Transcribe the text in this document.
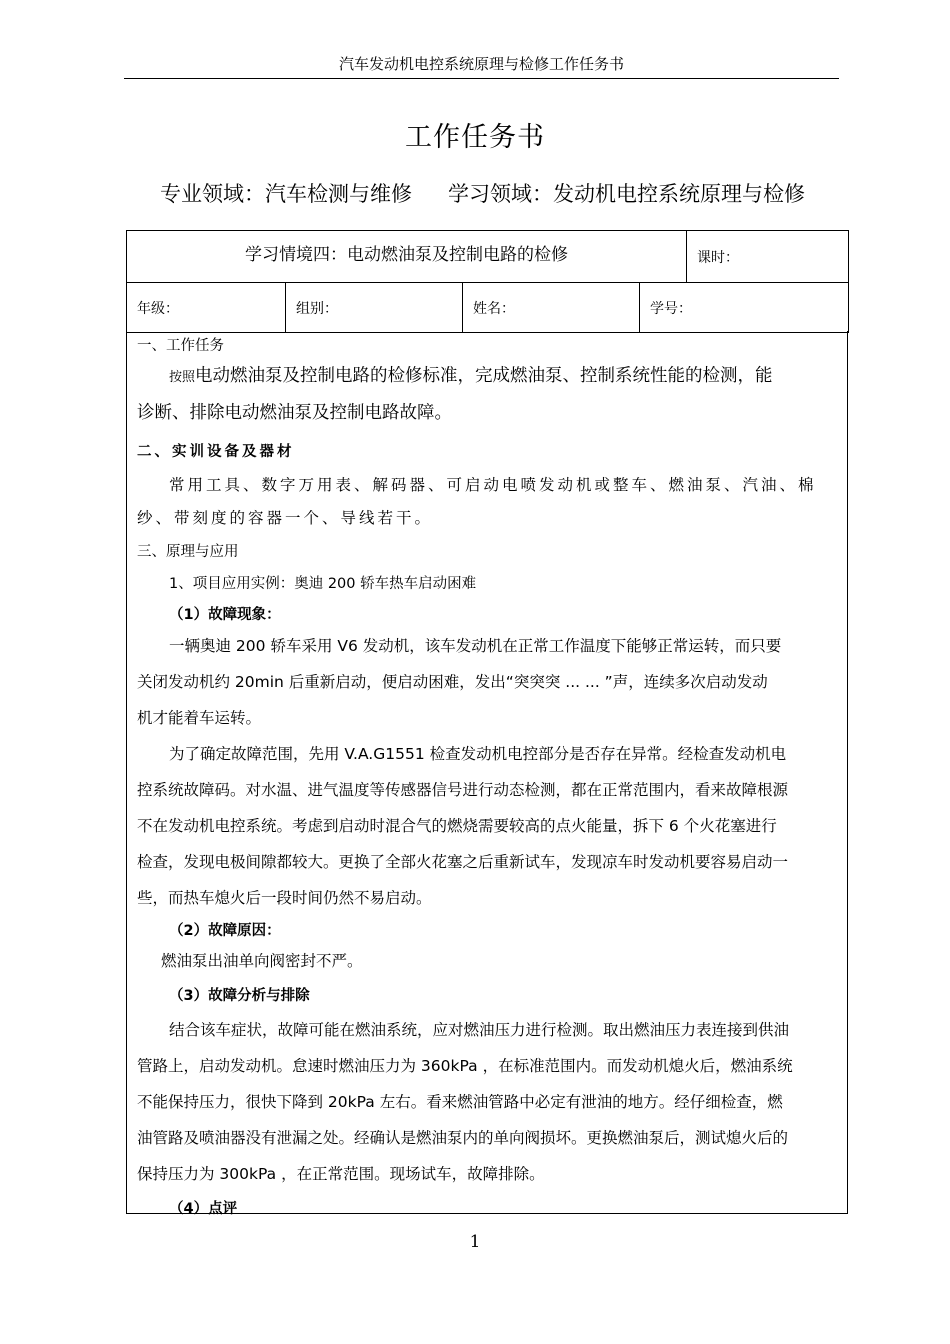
汽车发动机电控系统原理与检修工作任务书
工作任务书
专业领域：汽车检测与维修 学习领域：发动机电控系统原理与检修
学习情境四：电动燃油泵及控制电路的检修				课时：
年级：	组别：	姓名：	学号：	
一、工作任务
按照电动燃油泵及控制电路的检修标准，完成燃油泵、控制系统性能的检测，能
诊断、排除电动燃油泵及控制电路故障。
二、实训设备及器材
常用工具、数字万用表、解码器、可启动电喷发动机或整车、燃油泵、汽油、棉
纱、带刻度的容器一个、导线若干。
三、原理与应用
1、项目应用实例：奥迪 200 轿车热车启动困难
（1）故障现象：
一辆奥迪 200 轿车采用 V6 发动机，该车发动机在正常工作温度下能够正常运转，而只要
关闭发动机约 20min 后重新启动，便启动困难，发出“突突突 ... ... ”声，连续多次启动发动
机才能着车运转。
为了确定故障范围，先用 V.A.G1551 检查发动机电控部分是否存在异常。经检查发动机电
控系统故障码。对水温、进气温度等传感器信号进行动态检测，都在正常范围内，看来故障根源
不在发动机电控系统。考虑到启动时混合气的燃烧需要较高的点火能量，拆下 6 个火花塞进行
检查，发现电极间隙都较大。更换了全部火花塞之后重新试车，发现凉车时发动机要容易启动一
些，而热车熄火后一段时间仍然不易启动。
（2）故障原因：
燃油泵出油单向阀密封不严。
（3）故障分析与排除
结合该车症状，故障可能在燃油系统，应对燃油压力进行检测。取出燃油压力表连接到供油
管路上，启动发动机。怠速时燃油压力为 360kPa ，在标准范围内。而发动机熄火后，燃油系统
不能保持压力，很快下降到 20kPa 左右。看来燃油管路中必定有泄油的地方。经仔细检查，燃
油管路及喷油器没有泄漏之处。经确认是燃油泵内的单向阀损坏。更换燃油泵后，测试熄火后的
保持压力为 300kPa ，在正常范围。现场试车，故障排除。
（4）点评
1
